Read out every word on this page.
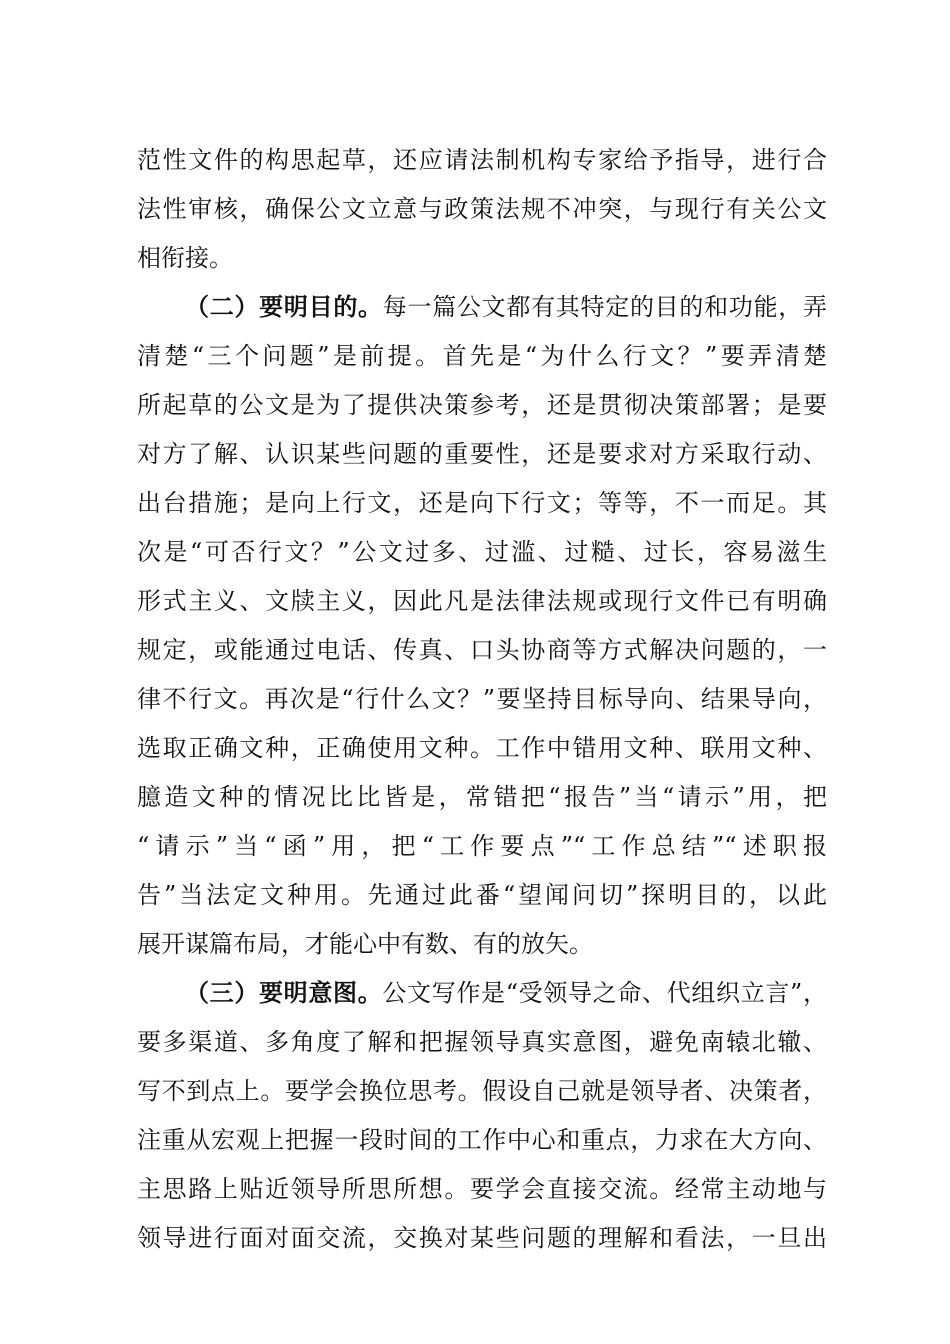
范性文件的构思起草，还应请法制机构专家给予指导，进行合
法性审核，确保公文立意与政策法规不冲突，与现行有关公文
相衔接。
（二）要明目的。每一篇公文都有其特定的目的和功能，弄
清楚“三个问题”是前提。首先是“为什么行文？”要弄清楚
所起草的公文是为了提供决策参考，还是贯彻决策部署；是要
对方了解、认识某些问题的重要性，还是要求对方采取行动、
出台措施；是向上行文，还是向下行文；等等，不一而足。其
次是“可否行文？”公文过多、过滥、过糙、过长，容易滋生
形式主义、文牍主义，因此凡是法律法规或现行文件已有明确
规定，或能通过电话、传真、口头协商等方式解决问题的，一
律不行文。再次是“行什么文？”要坚持目标导向、结果导向，
选取正确文种，正确使用文种。工作中错用文种、联用文种、
臆造文种的情况比比皆是，常错把“报告”当“请示”用，把
“请示”当“函”用，把“工作要点”“工作总结”“述职报
告”当法定文种用。先通过此番“望闻问切”探明目的，以此
展开谋篇布局，才能心中有数、有的放矢。
（三）要明意图。公文写作是“受领导之命、代组织立言”，
要多渠道、多角度了解和把握领导真实意图，避免南辕北辙、
写不到点上。要学会换位思考。假设自己就是领导者、决策者，
注重从宏观上把握一段时间的工作中心和重点，力求在大方向、
主思路上贴近领导所思所想。要学会直接交流。经常主动地与
领导进行面对面交流，交换对某些问题的理解和看法，一旦出
